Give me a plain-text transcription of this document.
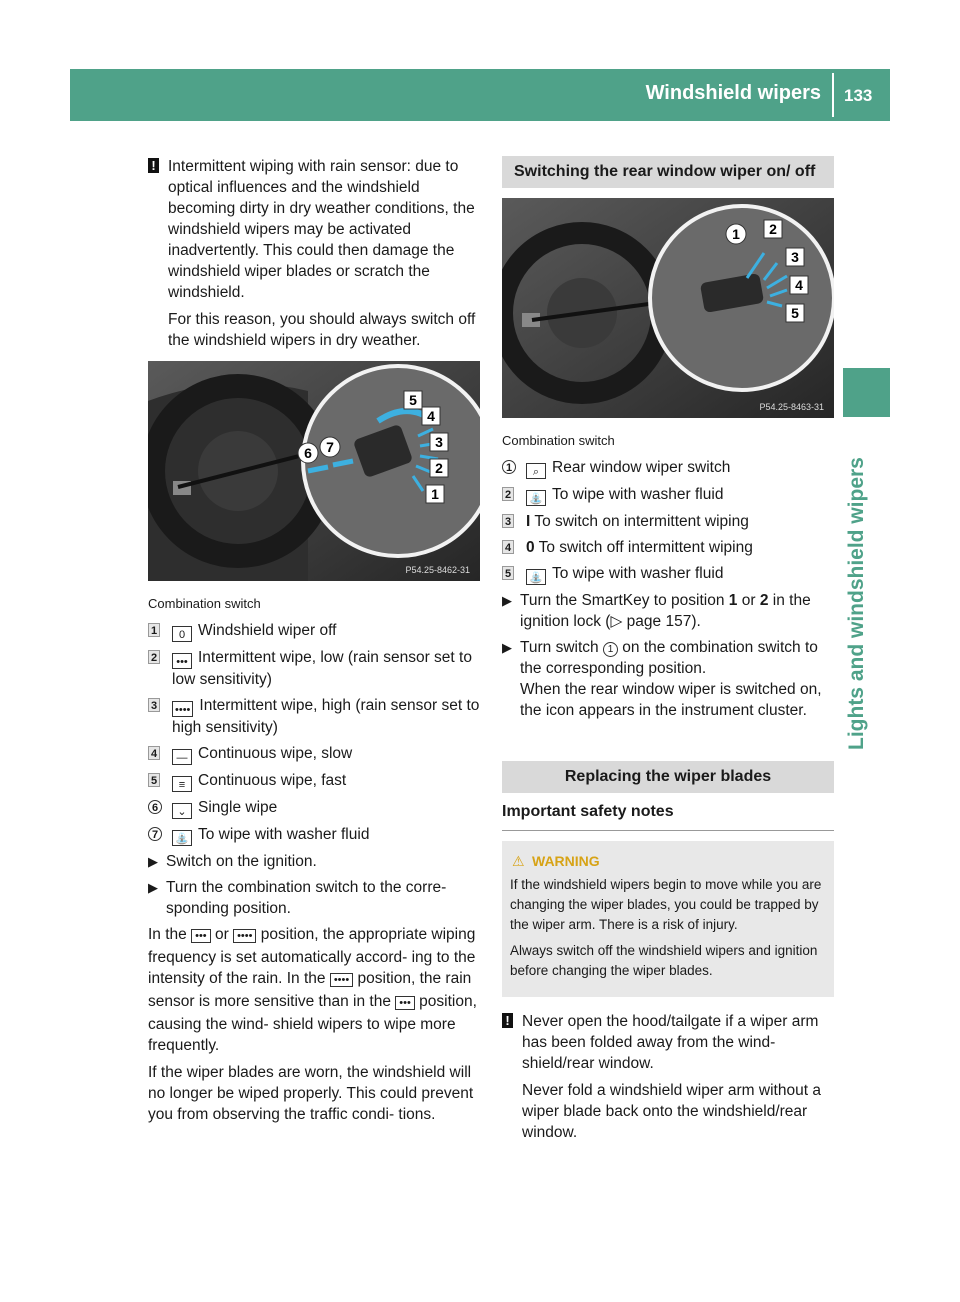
Windshield wipers 133
Lights and windshield wipers
! Intermittent wiping with rain sensor: due to optical influences and the windshield becoming dirty in dry weather conditions, the windshield wipers may be activated inadvertently. This could then damage the windshield wiper blades or scratch the windshield.

For this reason, you should always switch off the windshield wipers in dry weather.

5
4
3
2
1
6 7
P54.25-8462-31
Combination switch
1 0 Windshield wiper off
2 ••• Intermittent wipe, low (rain sensor set to low sensitivity)
3 •••• Intermittent wipe, high (rain sensor set to high sensitivity)
4 — Continuous wipe, slow
5 ≡ Continuous wipe, fast
6	⌄ Single wipe
7	⛲ To wipe with washer fluid
▶ Switch on the ignition.
▶ Turn the combination switch to the corre- sponding position.

In the ••• or •••• position, the appropriate wiping frequency is set automatically accord- ing to the intensity of the rain. In the •••• position, the rain sensor is more sensitive than in the ••• position, causing the wind- shield wipers to wipe more frequently.

If the wiper blades are worn, the windshield will no longer be wiped properly. This could prevent you from observing the traffic condi- tions.

Switching the rear window wiper on/ off
1 2
3
4
5
P54.25-8463-31
Combination switch
1	⌕ Rear window wiper switch
2 ⛲ To wipe with washer fluid
3 I To switch on intermittent wiping
4 0 To switch off intermittent wiping
5 ⛲ To wipe with washer fluid
▶ Turn the SmartKey to position 1 or 2 in the ignition lock (▷ page 157).
▶ Turn switch 1 on the combination switch to the corresponding position.
When the rear window wiper is switched on, the icon appears in the instrument cluster.
Replacing the wiper blades
Important safety notes
⚠ WARNING

If the windshield wipers begin to move while you are changing the wiper blades, you could be trapped by the wiper arm. There is a risk of injury.

Always switch off the windshield wipers and ignition before changing the wiper blades.

! Never open the hood/tailgate if a wiper arm has been folded away from the wind- shield/rear window.

Never fold a windshield wiper arm without a wiper blade back onto the windshield/rear window.
